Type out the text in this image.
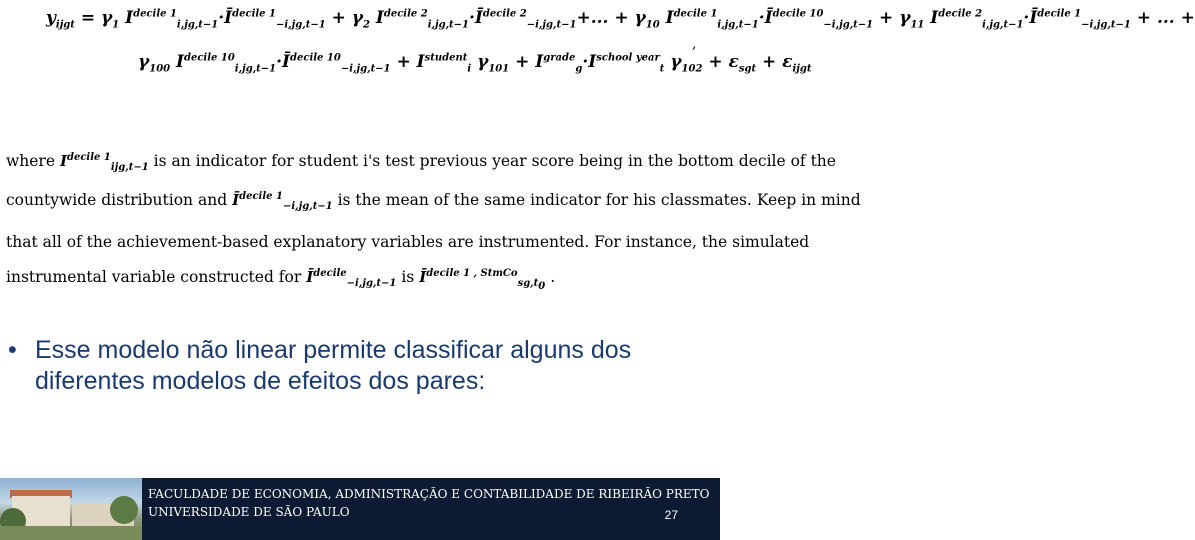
$y_{ijgt} = \gamma_1$ $I^{decile 1}_{i,jg,t-1}\cdot Ī^{decile 1}_{-i,jg,t-1} + \gamma_2$ $I^{decile 2}_{i,jg,t-1}\cdot Ī^{decile 2}_{-i,jg,t-1}+$... + $\gamma_{10}$ $I^{decile 1}_{i,jg,t-1}\cdot Ī^{decile 10}_{-i,jg,t-1} + \gamma_{11}$ $I^{decile 2}_{i,jg,t-1}\cdot Ī^{decile 1}_{-i,jg,t-1}$ + ... +
,
$\gamma_{100}$ $I^{decile 10}_{i,jg,t-1}\cdot Ī^{decile 10}_{-i,jg,t-1} + I^{student}_i$ $\gamma_{101} + I^{grade}_g\cdot I^{school year}_t$ $\gamma_{102} + \varepsilon_{sgt} + \varepsilon_{ijgt}$
where $I^{decile 1}_{ijg,t-1}$ is an indicator for student i's test previous year score being in the bottom decile of the
countywide distribution and $Ī^{decile 1}_{-i,jg,t-1}$ is the mean of the same indicator for his classmates. Keep in mind
that all of the achievement-based explanatory variables are instrumented. For instance, the simulated
instrumental variable constructed for $Ī^{decile}_{-i,jg,t-1}$ is $Ī^{decile 1 , StmCo}_{sg,t_0}$ .
• Esse modelo não linear permite classificar alguns dos diferentes modelos de efeitos dos pares:
FACULDADE DE ECONOMIA, ADMINISTRAÇÃO E CONTABILIDADE DE RIBEIRÃO PRETO
UNIVERSIDADE DE SÃO PAULO	27
